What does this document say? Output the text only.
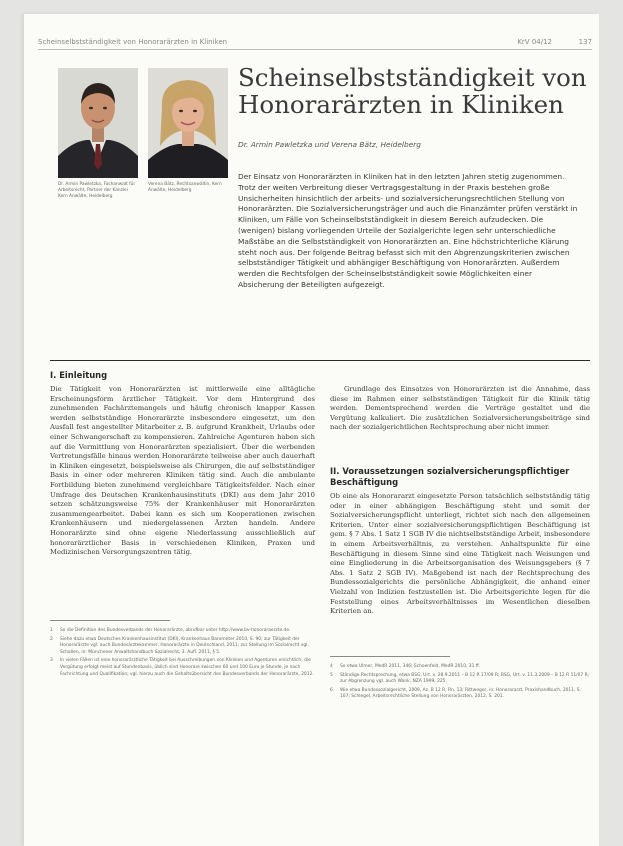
Scheinselbstständigkeit von Honorarärzten in Kliniken	KrV 04/12	137
Dr. Armin Pawletzka, Fachanwalt für Arbeitsrecht, Partner der Kanzlei Kern Anwälte, Heidelberg
Verena Bätz, Rechtsanwältin, Kern Anwälte, Heidelberg
Scheinselbstständigkeit von Honorarärzten in Kliniken
Dr. Armin Pawletzka und Verena Bätz, Heidelberg
Der Einsatz von Honorarärzten in Kliniken hat in den letzten Jahren stetig zugenommen. Trotz der weiten Verbreitung dieser Vertragsgestaltung in der Praxis bestehen große Unsicherheiten hinsichtlich der arbeits- und sozialversicherungsrechtlichen Stellung von Honorarärzten. Die Sozialversicherungsträger und auch die Finanzämter prüfen verstärkt in Kliniken, um Fälle von Scheinselbstständigkeit in diesem Bereich aufzudecken. Die (wenigen) bislang vorliegenden Urteile der Sozialgerichte legen sehr unterschiedliche Maßstäbe an die Selbstständigkeit von Honorarärzten an. Eine höchstrichterliche Klärung steht noch aus. Der folgende Beitrag befasst sich mit den Abgrenzungskriterien zwischen selbstständiger Tätigkeit und abhängiger Beschäftigung von Honorarärzten. Außerdem werden die Rechtsfolgen der Scheinselbstständigkeit sowie Möglichkeiten einer Absicherung der Beteiligten aufgezeigt.
I. Einleitung
Die Tätigkeit von Honorarärzten ist mittlerweile eine alltägliche Erscheinungsform ärztlicher Tätigkeit. Vor dem Hintergrund des zunehmenden Fachärztemangels und häufig chronisch knapper Kassen werden selbstständige Honorarärzte insbesondere eingesetzt, um den Ausfall fest angestellter Mitarbeiter z. B. aufgrund Krankheit, Urlaubs oder einer Schwangerschaft zu kompensieren. Zahlreiche Agenturen haben sich auf die Vermittlung von Honorarärzten spezialisiert. Über die werbenden Vertretungsfälle hinaus werden Honorarärzte teilweise aber auch dauerhaft in Kliniken eingesetzt, beispielsweise als Chirurgen, die auf selbstständiger Basis in einer oder mehreren Kliniken tätig sind. Auch die ambulante Fortbildung bieten zunehmend vergleichbare Tätigkeitsfelder. Nach einer Umfrage des Deutschen Krankenhausinstituts (DKI) aus dem Jahr 2010 setzen schätzungsweise 75% der Krankenhäuser mit Honorarärzten zusammengearbeitet. Dabei kann es sich um Kooperationen zwischen Krankenhäusern und niedergelassenen Ärzten handeln. Andere Honorarärzte sind ohne eigene Niederlassung ausschließlich auf honorarärztlicher Basis in verschiedenen Kliniken, Praxen und Medizinischen Versorgungszentren tätig.
Grundlage des Einsatzes von Honorarärzten ist die Annahme, dass diese im Rahmen einer selbstständigen Tätigkeit für die Klinik tätig werden. Dementsprechend werden die Verträge gestaltet und die Vergütung kalkuliert. Die zusätzlichen Sozialversicherungsbeiträge sind nach der sozialgerichtlichen Rechtsprechung aber nicht immer.
II. Voraussetzungen sozialversicherungspflichtiger Beschäftigung
Ob eine als Honorararzt eingesetzte Person tatsächlich selbstständig tätig oder in einer abhängigen Beschäftigung steht und somit der Sozialversicherungspflicht unterliegt, richtet sich nach den allgemeinen Kriterien. Unter einer sozialversicherungspflichtigen Beschäftigung ist gem. § 7 Abs. 1 Satz 1 SGB IV die nichtselbstständige Arbeit, insbesondere in einem Arbeitsverhältnis, zu verstehen. Anhaltspunkte für eine Beschäftigung in diesem Sinne sind eine Tätigkeit nach Weisungen und eine Eingliederung in die Arbeitsorganisation des Weisungsgebers (§ 7 Abs. 1 Satz 2 SGB IV). Maßgebend ist nach der Rechtsprechung des Bundessozialgerichts die persönliche Abhängigkeit, die anhand einer Vielzahl von Indizien festzustellen ist. Die Arbeitsgerichte legen für die Feststellung eines Arbeitsverhältnisses im Wesentlichen dieselben Kriterien an.
1	So die Definition des Bundesverbands der Honorarärzte, abrufbar unter http://www.bv-honoraraerzte.de.
2	Siehe dazu etwa Deutsches Krankenhausinstitut (DKI), Krankenhaus Barometer 2010, S. 90; zur Tätigkeit der Honorarärzte vgl. auch Bundesärztekammer, Honorarärzte in Deutschland, 2011; zur Stellung im Sozialrecht vgl. Schallen, in: Münchener Anwaltshandbuch Sozialrecht, 3. Aufl. 2011, § 5.
3	In vielen Fällen ist eine honorarärztliche Tätigkeit bei Ausschreibungen von Kliniken und Agenturen ersichtlich; die Vergütung erfolgt meist auf Stundenbasis, üblich sind Honorare zwischen 60 und 100 Euro je Stunde, je nach Fachrichtung und Qualifikation; vgl. hierzu auch die Gehaltsübersicht des Bundesverbands der Honorarärzte, 2012.
4	So etwa Ulmer, MedR 2011, 346; Schoenfeld, MedR 2010, 31 ff.
5	Ständige Rechtsprechung, etwa BSG, Urt. v. 28.9.2011 – B 12 R 17/09 R; BSG, Urt. v. 11.3.2009 – B 12 R 11/07 R; zur Abgrenzung vgl. auch Wank, NZA 1999, 225.
6	Wie etwa Bundessozialgericht, 2009, Az. B 12 R, Rn. 13; Rittweger, in: Honorararzt, Praxishandbuch, 2011, S. 107; Schlegel, Arbeitsrechtliche Stellung von Honorarärzten, 2012, S. 201.
